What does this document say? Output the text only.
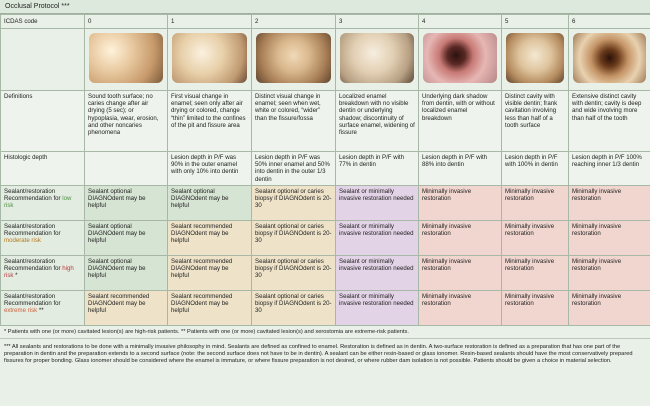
Occlusal Protocol ***
ICDAS code	0	1	2	3	4	5	6

Definitions	Sound tooth surface; no caries change after air drying (5 sec); or hypoplasia, wear, erosion, and other noncaries phenomena	First visual change in enamel; seen only after air drying or colored, change “thin” limited to the confines of the pit and fissure area	Distinct visual change in enamel; seen when wet, white or colored, “wider” than the fissure/fossa	Localized enamel breakdown with no visible dentin or underlying shadow; discontinuity of surface enamel, widening of fissure	Underlying dark shadow from dentin, with or without localized enamel breakdown	Distinct cavity with visible dentin; frank cavitation involving less than half of a tooth surface	Extensive distinct cavity with dentin; cavity is deep and wide involving more than half of the tooth
Histologic depth		Lesion depth in P/F was 90% in the outer enamel with only 10% into dentin	Lesion depth in P/F was 50% inner enamel and 50% into dentin in the outer 1/3 dentin	Lesion depth in P/F with 77% in dentin	Lesion depth in P/F with 88% into dentin	Lesion depth in P/F with 100% in dentin	Lesion depth in P/F 100% reaching inner 1/3 dentin
Sealant/restoration Recommendation for low risk	Sealant optional DIAGNOdent may be helpful	Sealant optional DIAGNOdent may be helpful	Sealant optional or caries biopsy if DIAGNOdent is 20-30	Sealant or minimally invasive restoration needed	Minimally invasive restoration	Minimally invasive restoration	Minimally invasive restoration
Sealant/restoration Recommendation for moderate risk	Sealant optional DIAGNOdent may be helpful	Sealant recommended DIAGNOdent may be helpful	Sealant optional or caries biopsy if DIAGNOdent is 20-30	Sealant or minimally invasive restoration needed	Minimally invasive restoration	Minimally invasive restoration	Minimally invasive restoration
Sealant/restoration Recommendation for high risk *	Sealant optional DIAGNOdent may be helpful	Sealant recommended DIAGNOdent may be helpful	Sealant optional or caries biopsy if DIAGNOdent is 20-30	Sealant or minimally invasive restoration needed	Minimally invasive restoration	Minimally invasive restoration	Minimally invasive restoration
Sealant/restoration Recommendation for extreme risk **	Sealant recommended DIAGNOdent may be helpful	Sealant recommended DIAGNOdent may be helpful	Sealant optional or caries biopsy if DIAGNOdent is 20-30	Sealant or minimally invasive restoration needed	Minimally invasive restoration	Minimally invasive restoration	Minimally invasive restoration
* Patients with one (or more) cavitated lesion(s) are high-risk patients. ** Patients with one (or more) cavitated lesion(s) and xerostomia are extreme-risk patients.
*** All sealants and restorations to be done with a minimally invasive philosophy in mind. Sealants are defined as confined to enamel. Restoration is defined as in dentin. A two-surface restoration is defined as a preparation that has one part of the preparation in dentin and the preparation extends to a second surface (note: the second surface does not have to be in dentin). A sealant can be either resin-based or glass ionomer. Resin-based sealants should have the most conservatively prepared fissures for proper bonding. Glass ionomer should be considered where the enamel is immature, or where fissure preparation is not desired, or where rubber dam isolation is not possible. Patients should be given a choice in material selection.
